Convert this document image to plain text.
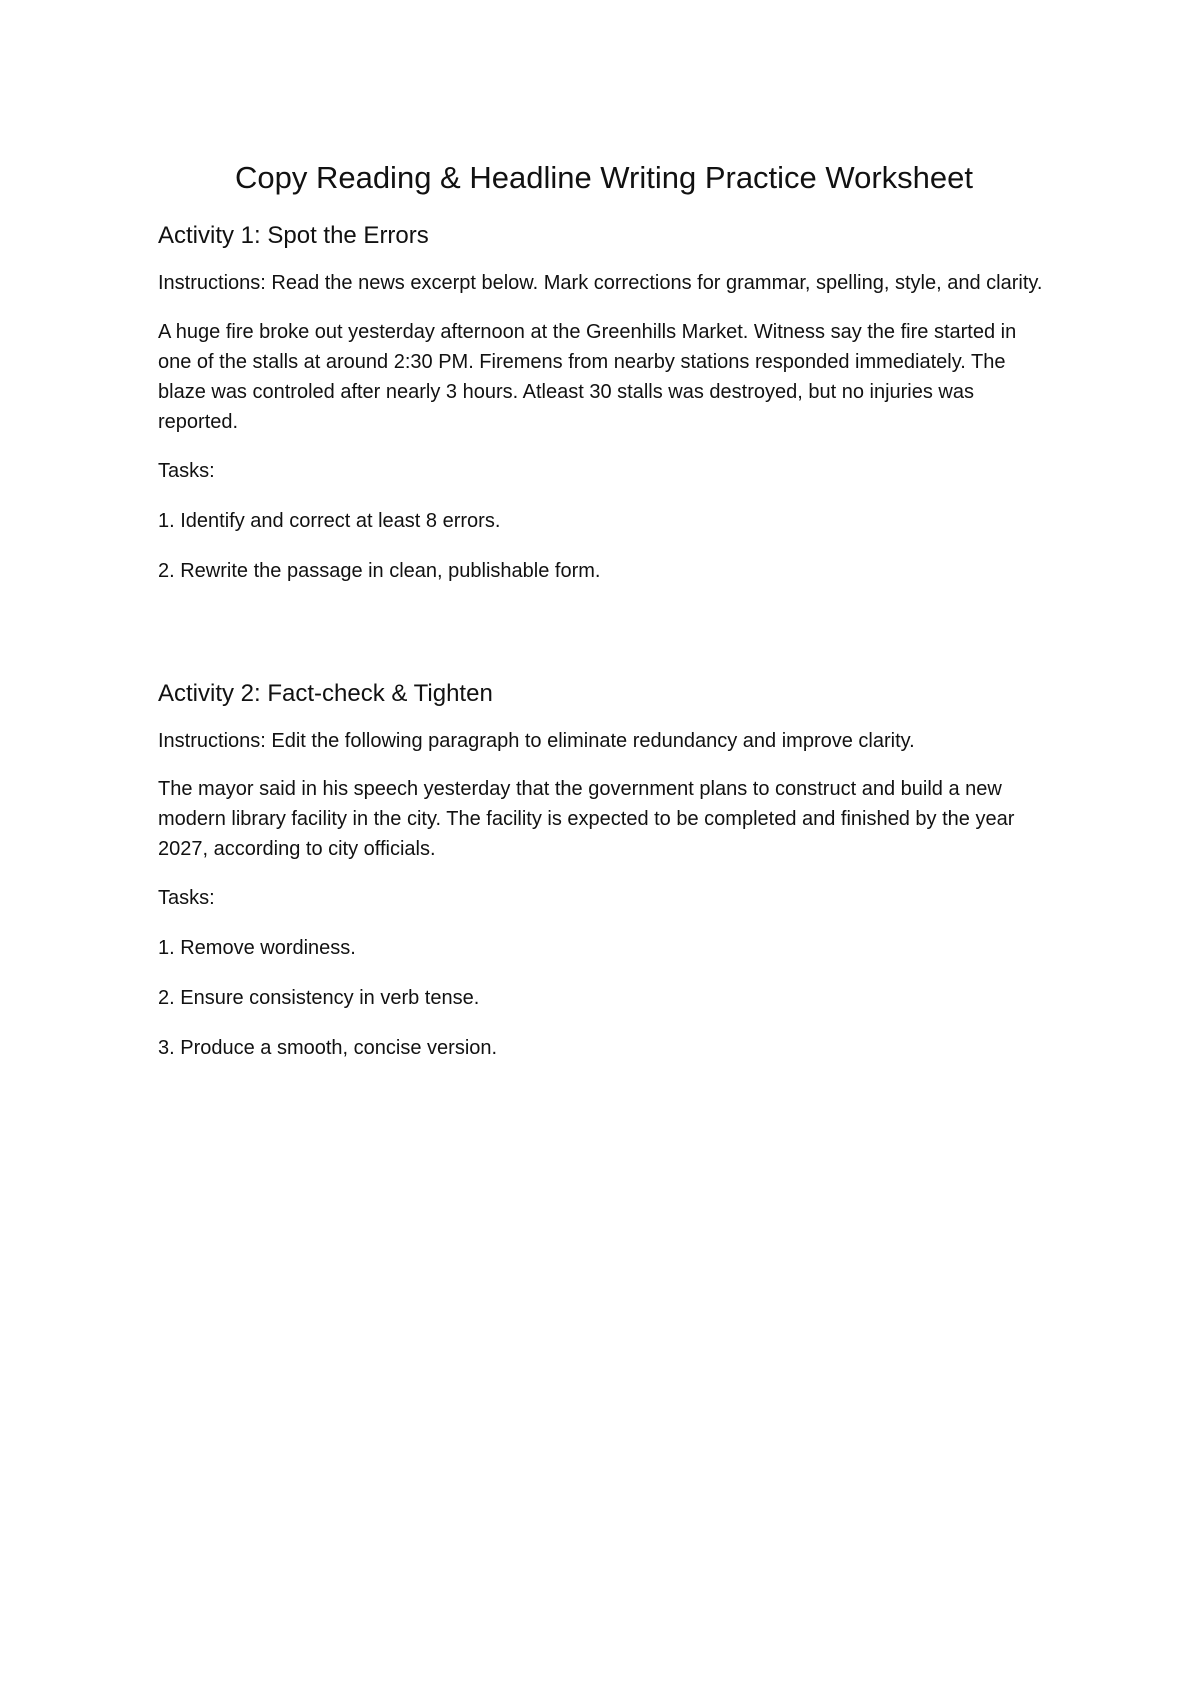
Copy Reading & Headline Writing Practice Worksheet
Activity 1: Spot the Errors

Instructions: Read the news excerpt below. Mark corrections for grammar, spelling, style, and clarity.

A huge fire broke out yesterday afternoon at the Greenhills Market. Witness say the fire started in one of the stalls at around 2:30 PM. Firemens from nearby stations responded immediately. The blaze was controled after nearly 3 hours. Atleast 30 stalls was destroyed, but no injuries was reported.

Tasks:

1. Identify and correct at least 8 errors.

2. Rewrite the passage in clean, publishable form.

Activity 2: Fact-check & Tighten

Instructions: Edit the following paragraph to eliminate redundancy and improve clarity.

The mayor said in his speech yesterday that the government plans to construct and build a new modern library facility in the city. The facility is expected to be completed and finished by the year 2027, according to city officials.

Tasks:

1. Remove wordiness.

2. Ensure consistency in verb tense.

3. Produce a smooth, concise version.
